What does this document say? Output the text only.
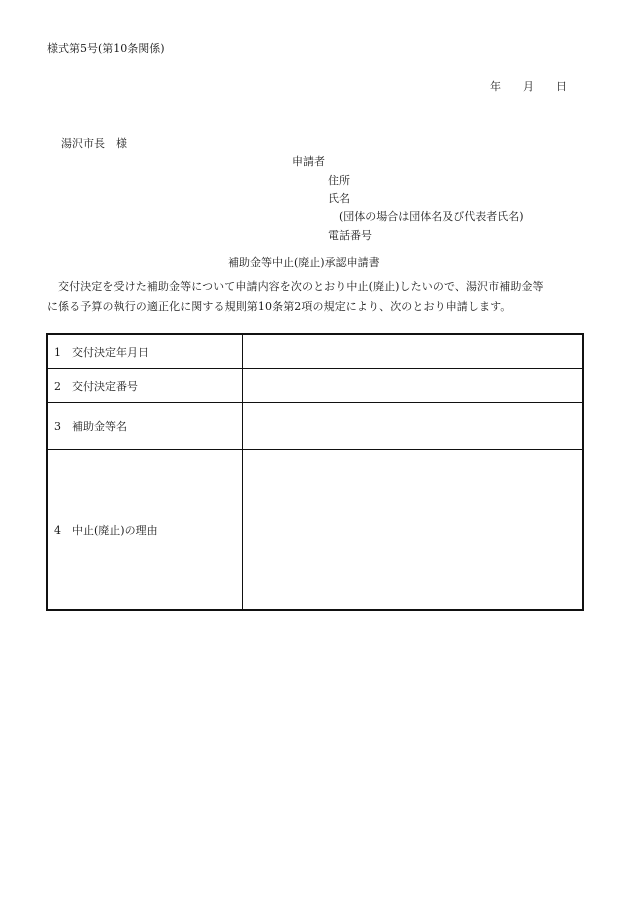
様式第5号(第10条関係)
年 月 日
湯沢市長　様
申請者
住所
氏名
(団体の場合は団体名及び代表者氏名)
電話番号
補助金等中止(廃止)承認申請書
交付決定を受けた補助金等について申請内容を次のとおり中止(廃止)したいので、湯沢市補助金等
に係る予算の執行の適正化に関する規則第10条第2項の規定により、次のとおり申請します。
1 交付決定年月日	
2 交付決定番号	
3 補助金等名	
4 中止(廃止)の理由	
